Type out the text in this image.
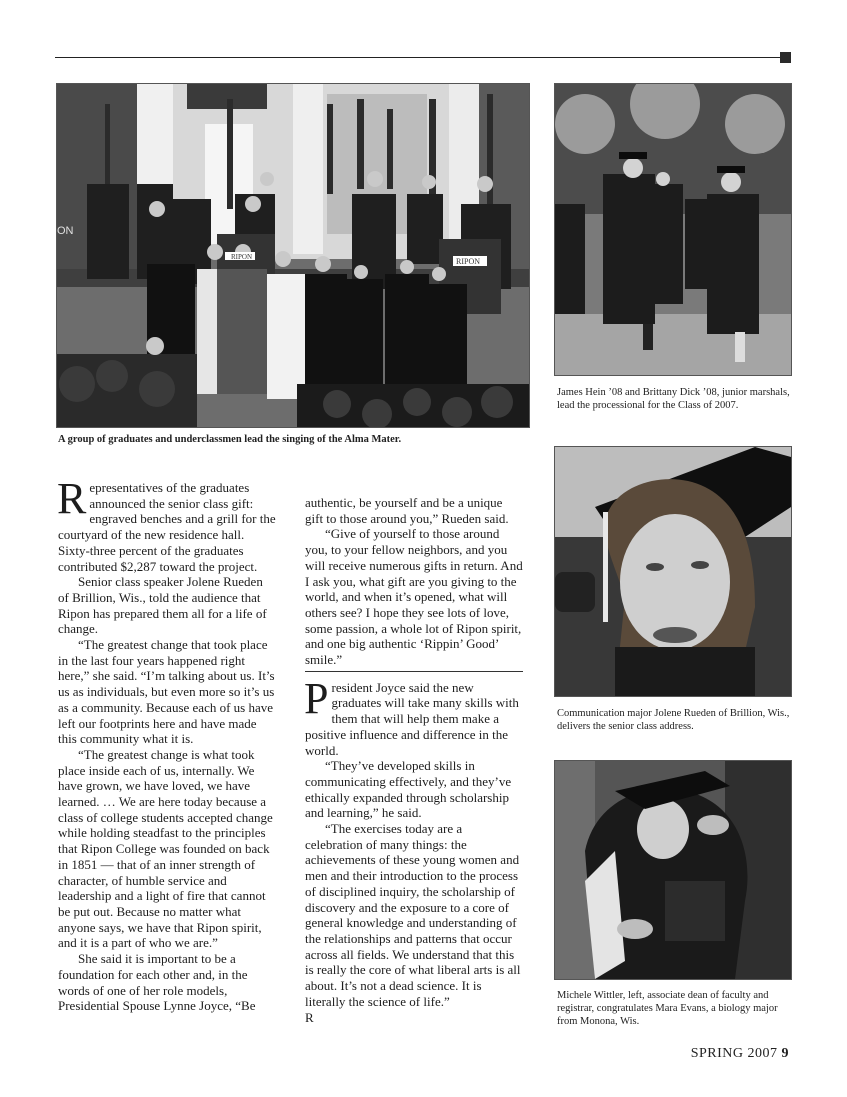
RIPON	RIPON
ON
A group of graduates and underclassmen lead the singing of the Alma Mater.
James Hein ’08 and Brittany Dick ’08, junior marshals, lead the processional for the Class of 2007.
Communication major Jolene Rueden of Brillion, Wis., delivers the senior class address.
Michele Wittler, left, associate dean of faculty and registrar, congratulates Mara Evans, a biology major from Monona, Wis.

Representatives of the graduates announced the senior class gift: engraved benches and a grill for the courtyard of the new residence hall. Sixty-three percent of the graduates contributed $2,287 toward the project.

Senior class speaker Jolene Rueden of Brillion, Wis., told the audience that Ripon has prepared them all for a life of change.

“The greatest change that took place in the last four years happened right here,” she said. “I’m talking about us. It’s us as individuals, but even more so it’s us as a community. Because each of us have left our footprints here and have made this community what it is.

“The greatest change is what took place inside each of us, internally. We have grown, we have loved, we have learned. … We are here today because a class of college students accepted change while holding steadfast to the principles that Ripon College was founded on back in 1851 — that of an inner strength of character, of humble service and leadership and a light of fire that cannot be put out. Because no matter what anyone says, we have that Ripon spirit, and it is a part of who we are.”

She said it is important to be a foundation for each other and, in the words of one of her role models, Presidential Spouse Lynne Joyce, “Be

authentic, be yourself and be a unique gift to those around you,” Rueden said.

“Give of yourself to those around you, to your fellow neighbors, and you will receive numerous gifts in return. And I ask you, what gift are you giving to the world, and when it’s opened, what will others see? I hope they see lots of love, some passion, a whole lot of Ripon spirit, and one big authentic ‘Rippin’ Good’ smile.”

President Joyce said the new graduates will take many skills with them that will help them make a positive influence and difference in the world.

“They’ve developed skills in communicating effectively, and they’ve ethically expanded through scholarship and learning,” he said.

“The exercises today are a celebration of many things: the achievements of these young women and men and their introduction to the process of disciplined inquiry, the scholarship of discovery and the exposure to a core of general knowledge and understanding of the relationships and patterns that occur across all fields. We understand that this is really the core of what liberal arts is all about. It’s not a dead science. It is literally the science of life.”

R

SPRING 2007 9
